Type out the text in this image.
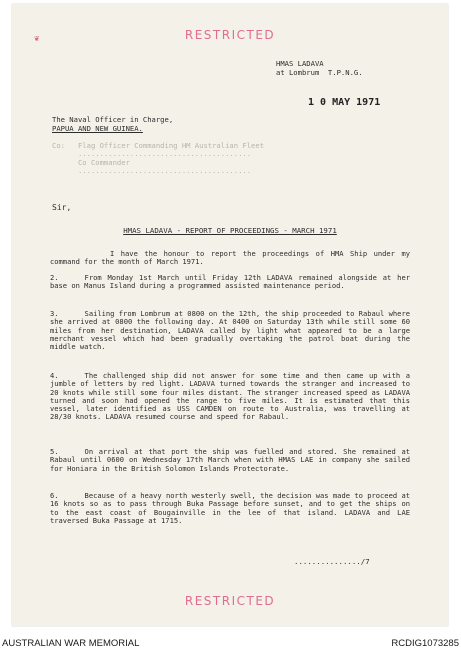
❦	RESTRICTED
HMAS LADAVA
at Lombrum  T.P.N.G.
1 0 MAY 1971
The Naval Officer in Charge,
PAPUA AND NEW GUINEA.

Co:   Flag Officer Commanding HM Australian Fleet
........................................
Co Commander
........................................
Sir,
HMAS LADAVA - REPORT OF PROCEEDINGS - MARCH 1971

I have the honour to report the proceedings of HMA Ship under my command for the month of March 1971.

2.	From Monday 1st March until Friday 12th LADAVA remained alongside at her base on Manus Island during a programmed assisted maintenance period.

3.	Sailing from Lombrum at 0800 on the 12th, the ship proceeded to Rabaul where she arrived at 0800 the following day. At 0400 on Saturday 13th while still some 60 miles from her destination, LADAVA called by light what appeared to be a large merchant vessel which had been gradually overtaking the patrol boat during the middle watch.

4.	The challenged ship did not answer for some time and then came up with a jumble of letters by red light. LADAVA turned towards the stranger and increased to 20 knots while still some four miles distant. The stranger increased speed as LADAVA turned and soon had opened the range to five miles. It is estimated that this vessel, later identified as USS CAMDEN on route to Australia, was travelling at 28/30 knots. LADAVA resumed course and speed for Rabaul.

5.	On arrival at that port the ship was fuelled and stored. She remained at Rabaul until 0600 on Wednesday 17th March when with HMAS LAE in company she sailed for Honiara in the British Solomon Islands Protectorate.

6.	Because of a heavy north westerly swell, the decision was made to proceed at 16 knots so as to pass through Buka Passage before sunset, and to get the ships on to the east coast of Bougainville in the lee of that island. LADAVA and LAE traversed Buka Passage at 1715.

.............../7
RESTRICTED
AUSTRALIAN WAR MEMORIAL	RCDIG1073285
